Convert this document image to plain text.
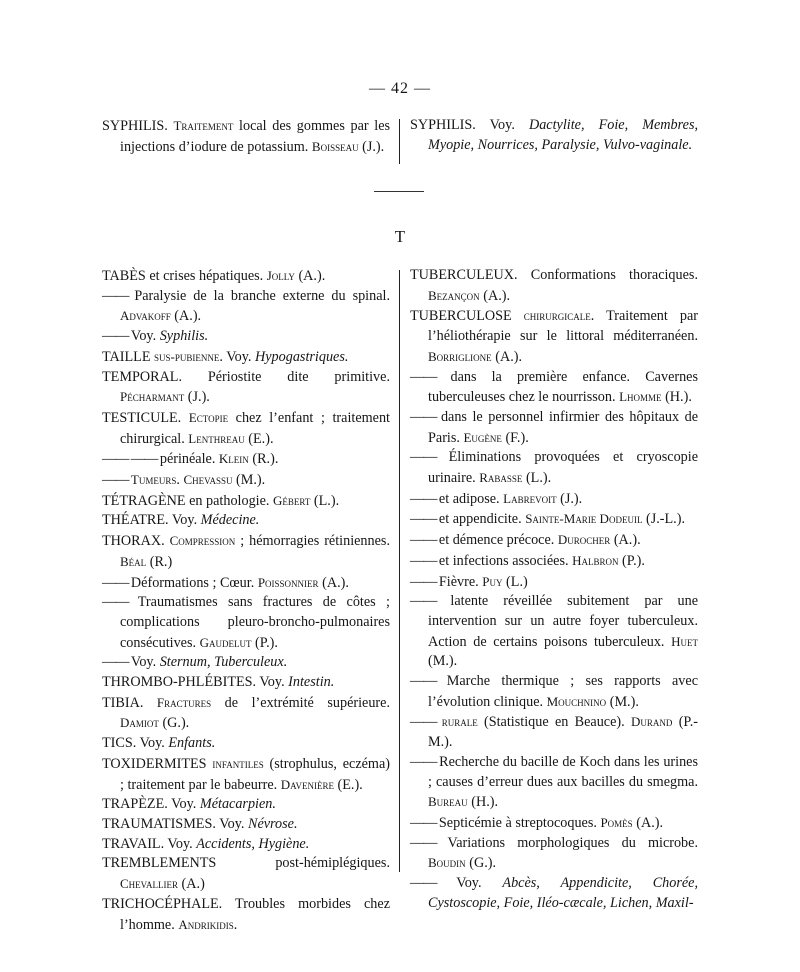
— 42 —

SYPHILIS. Traitement local des gommes par les injections d’iodure de potassium. Boisseau (J.).

SYPHILIS. Voy. Dactylite, Foie, Membres, Myopie, Nourrices, Paralysie, Vulvo-vaginale.

T

TABÈS et crises hépatiques. Jolly (A.).

—— Paralysie de la branche externe du spinal. Advakoff (A.).

—— Voy. Syphilis.

TAILLE sus-pubienne. Voy. Hypogastriques.

TEMPORAL. Périostite dite primitive. Pécharmant (J.).

TESTICULE. Ectopie chez l’enfant ; traitement chirurgical. Lenthreau (E.).

—— —— périnéale. Klein (R.).

—— Tumeurs. Chevassu (M.).

TÉTRAGÈNE en pathologie. Gébert (L.).

THÉATRE. Voy. Médecine.

THORAX. Compression ; hémorragies rétiniennes. Béal (R.)

—— Déformations ; Cœur. Poissonnier (A.).

—— Traumatismes sans fractures de côtes ; complications pleuro-broncho-pulmonaires consécutives. Gaudelut (P.).

—— Voy. Sternum, Tuberculeux.

THROMBO-PHLÉBITES. Voy. Intestin.

TIBIA. Fractures de l’extrémité supérieure. Damiot (G.).

TICS. Voy. Enfants.

TOXIDERMITES infantiles (strophulus, eczéma) ; traitement par le babeurre. Davenière (E.).

TRAPÈZE. Voy. Métacarpien.

TRAUMATISMES. Voy. Névrose.

TRAVAIL. Voy. Accidents, Hygiène.

TREMBLEMENTS post-hémiplégiques. Chevallier (A.)

TRICHOCÉPHALE. Troubles morbides chez l’homme. Andrikidis.

TUBERCULEUX. Conformations thoraciques. Bezançon (A.).

TUBERCULOSE chirurgicale. Traitement par l’héliothérapie sur le littoral méditerranéen. Borriglione (A.).

—— dans la première enfance. Cavernes tuberculeuses chez le nourrisson. Lhomme (H.).

—— dans le personnel infirmier des hôpitaux de Paris. Eugène (F.).

—— Éliminations provoquées et cryoscopie urinaire. Rabasse (L.).

—— et adipose. Labrevoit (J.).

—— et appendicite. Sainte-Marie Dodeuil (J.-L.).

—— et démence précoce. Durocher (A.).

—— et infections associées. Halbron (P.).

—— Fièvre. Puy (L.)

—— latente réveillée subitement par une intervention sur un autre foyer tuberculeux. Action de certains poisons tuberculeux. Huet (M.).

—— Marche thermique ; ses rapports avec l’évolution clinique. Mouchnino (M.).

—— rurale (Statistique en Beauce). Durand (P.-M.).

—— Recherche du bacille de Koch dans les urines ; causes d’erreur dues aux bacilles du smegma. Bureau (H.).

—— Septicémie à streptocoques. Pomès (A.).

—— Variations morphologiques du microbe. Boudin (G.).

—— Voy. Abcès, Appendicite, Chorée, Cystoscopie, Foie, Iléo-cæcale, Lichen, Maxil-
